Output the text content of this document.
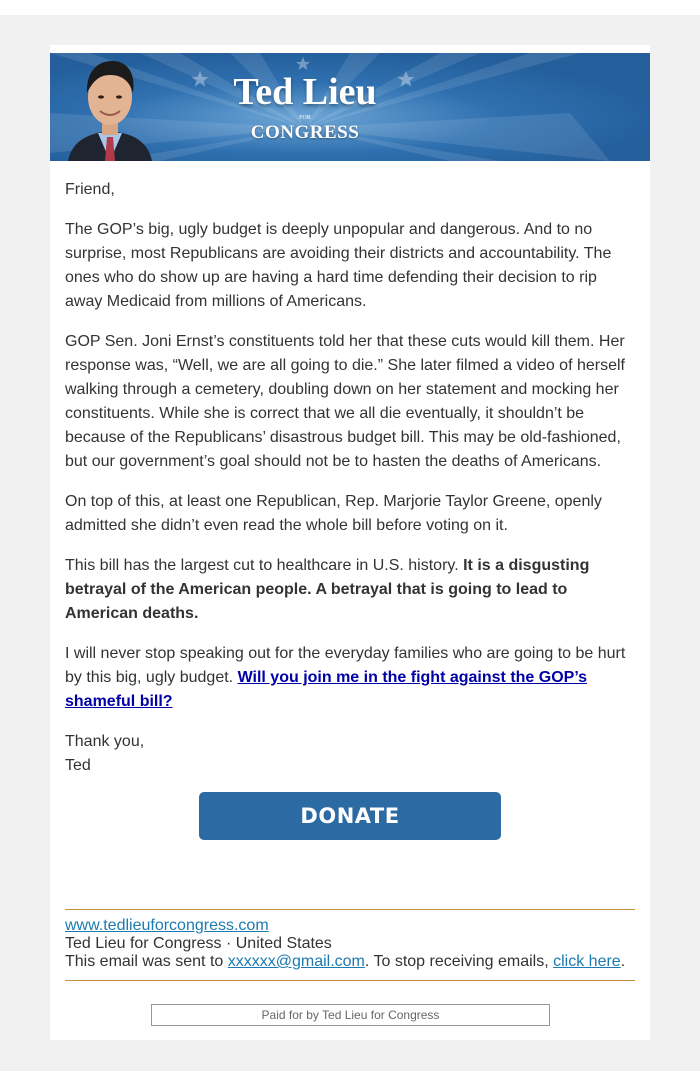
Ted Lieu
FOR
CONGRESS

Friend,

The GOP’s big, ugly budget is deeply unpopular and dangerous. And to no surprise, most Republicans are avoiding their districts and accountability. The ones who do show up are having a hard time defending their decision to rip away Medicaid from millions of Americans.

GOP Sen. Joni Ernst’s constituents told her that these cuts would kill them. Her response was, “Well, we are all going to die.” She later filmed a video of herself walking through a cemetery, doubling down on her statement and mocking her constituents. While she is correct that we all die eventually, it shouldn’t be because of the Republicans’ disastrous budget bill. This may be old-fashioned, but our government’s goal should not be to hasten the deaths of Americans.

On top of this, at least one Republican, Rep. Marjorie Taylor Greene, openly admitted she didn’t even read the whole bill before voting on it.

This bill has the largest cut to healthcare in U.S. history. It is a disgusting betrayal of the American people. A betrayal that is going to lead to American deaths.

I will never stop speaking out for the everyday families who are going to be hurt by this big, ugly budget. Will you join me in the fight against the GOP’s shameful bill?

Thank you,
Ted
DONATE
www.tedlieuforcongress.com
Ted Lieu for Congress · United States
This email was sent to xxxxxx@gmail.com. To stop receiving emails, click here.
Paid for by Ted Lieu for Congress
